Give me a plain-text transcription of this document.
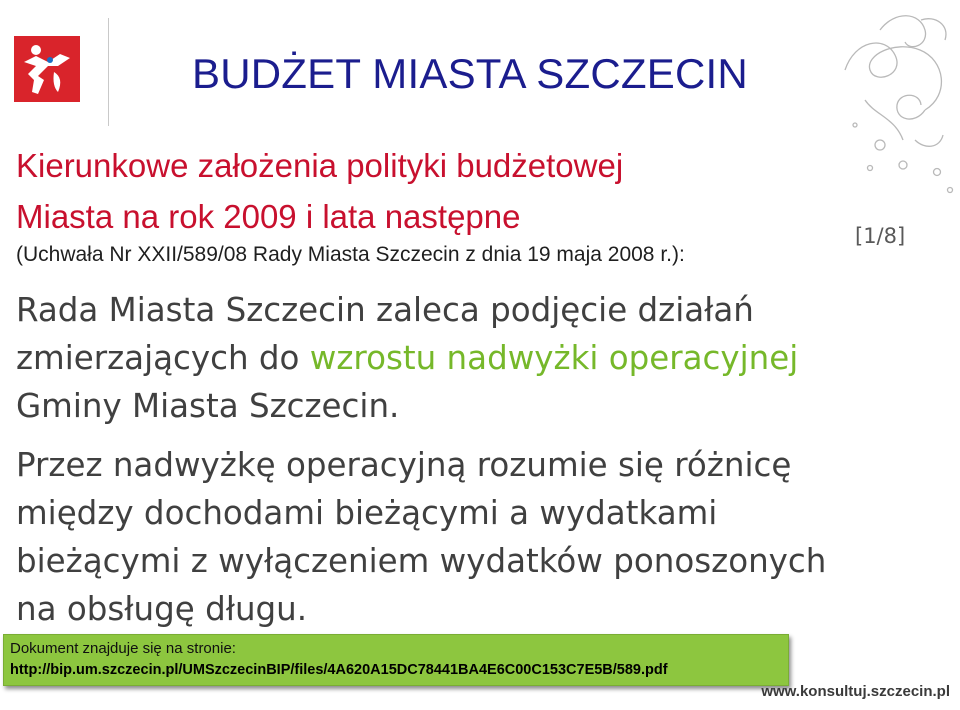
BUDŻET MIASTA SZCZECIN
[1/8]
Kierunkowe założenia polityki budżetowej
Miasta na rok 2009 i lata następne
(Uchwała Nr XXII/589/08 Rady Miasta Szczecin z dnia 19 maja 2008 r.):
Rada Miasta Szczecin zaleca podjęcie działań zmierzających do wzrostu nadwyżki operacyjnej Gminy Miasta Szczecin.
Przez nadwyżkę operacyjną rozumie się różnicę między dochodami bieżącymi a wydatkami bieżącymi z wyłączeniem wydatków ponoszonych na obsługę długu.
Dokument znajduje się na stronie:
http://bip.um.szczecin.pl/UMSzczecinBIP/files/4A620A15DC78441BA4E6C00C153C7E5B/589.pdf
www.konsultuj.szczecin.pl
